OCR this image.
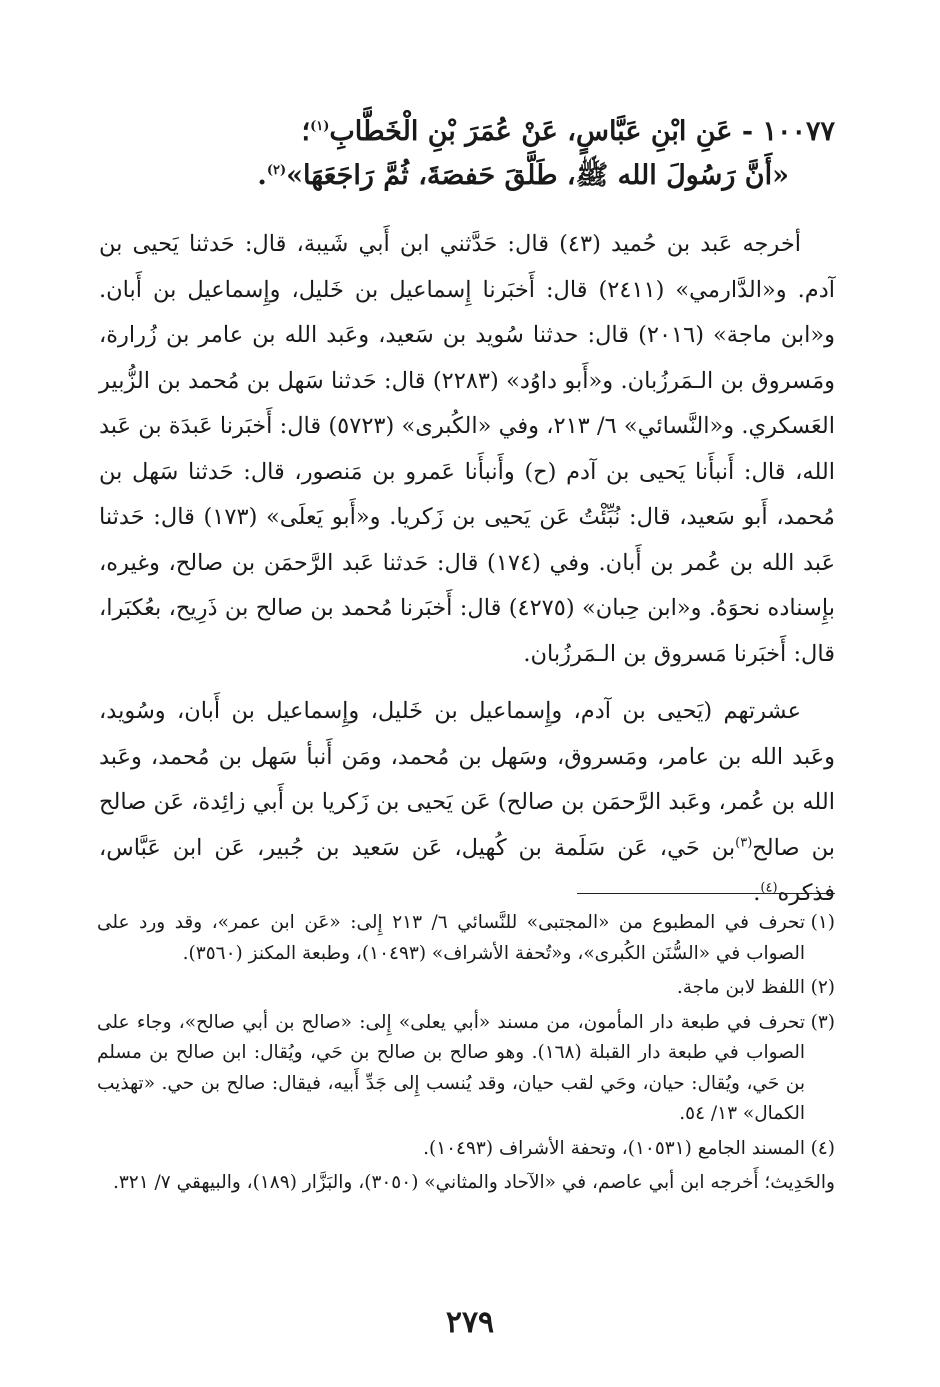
١٠٠٧٧ - عَنِ ابْنِ عَبَّاسٍ، عَنْ عُمَرَ بْنِ الْخَطَّابِ$^{(١)}$؛

«أَنَّ رَسُولَ الله ﷺ، طَلَّقَ حَفصَةَ، ثُمَّ رَاجَعَهَا»$^{(٢)}$.

أخرجه عَبد بن حُميد (٤٣) قال: حَدَّثني ابن أَبي شَيبة، قال: حَدثنا يَحيى بن آدم. و«الدَّارمي» (٢٤١١) قال: أَخبَرنا إِسماعيل بن خَليل، وإِسماعيل بن أَبان. و«ابن ماجة» (٢٠١٦) قال: حدثنا سُويد بن سَعيد، وعَبد الله بن عامر بن زُرارة، ومَسروق بن الـمَرزُبان. و«أَبو داوُد» (٢٢٨٣) قال: حَدثنا سَهل بن مُحمد بن الزُّبير العَسكري. و«النَّسائي» ٦/ ٢١٣، وفي «الكُبرى» (٥٧٢٣) قال: أَخبَرنا عَبدَة بن عَبد الله، قال: أَنبأَنا يَحيى بن آدم (ح) وأَنبأَنا عَمرو بن مَنصور، قال: حَدثنا سَهل بن مُحمد، أَبو سَعيد، قال: نُبِّئْتُ عَن يَحيى بن زَكريا. و«أَبو يَعلَى» (١٧٣) قال: حَدثنا عَبد الله بن عُمر بن أَبان. وفي (١٧٤) قال: حَدثنا عَبد الرَّحمَن بن صالح، وغيره، بإِسناده نحوَهُ. و«ابن حِبان» (٤٢٧٥) قال: أَخبَرنا مُحمد بن صالح بن ذَرِيح، بعُكبَرا، قال: أَخبَرنا مَسروق بن الـمَرزُبان.

عشرتهم (يَحيى بن آدم، وإِسماعيل بن خَليل، وإِسماعيل بن أَبان، وسُويد، وعَبد الله بن عامر، ومَسروق، وسَهل بن مُحمد، ومَن أَنبأ سَهل بن مُحمد، وعَبد الله بن عُمر، وعَبد الرَّحمَن بن صالح) عَن يَحيى بن زَكريا بن أَبي زائِدة، عَن صالح بن صالح$^{(٣)}$بن حَي، عَن سَلَمة بن كُهيل، عَن سَعيد بن جُبير، عَن ابن عَبَّاس، فذكره$^{(٤)}$.

(١)
تحرف في المطبوع من «المجتبى» للنَّسائي ٦/ ٢١٣ إِلى: «عَن ابن عمر»، وقد ورد على الصواب في «السُّنَن الكُبرى»، و«تُحفة الأشراف» (١٠٤٩٣)، وطبعة المكنز (٣٥٦٠).

(٢)
اللفظ لابن ماجة.

(٣)
تحرف في طبعة دار المأمون، من مسند «أبي يعلى» إِلى: «صالح بن أبي صالح»، وجاء على الصواب في طبعة دار القبلة (١٦٨). وهو صالح بن صالح بن حَي، ويُقال: ابن صالح بن مسلم بن حَي، ويُقال: حيان، وحَي لقب حيان، وقد يُنسب إِلى جَدِّ أَبيه، فيقال: صالح بن حي. «تهذيب الكمال» ١٣/ ٥٤.

(٤)
المسند الجامع (١٠٥٣١)، وتحفة الأشراف (١٠٤٩٣).

والحَدِيث؛ أَخرجه ابن أبي عاصم، في «الآحاد والمثاني» (٣٠٥٠)، والبَزَّار (١٨٩)، والبيهقي ٧/ ٣٢١.

٢٧٩
